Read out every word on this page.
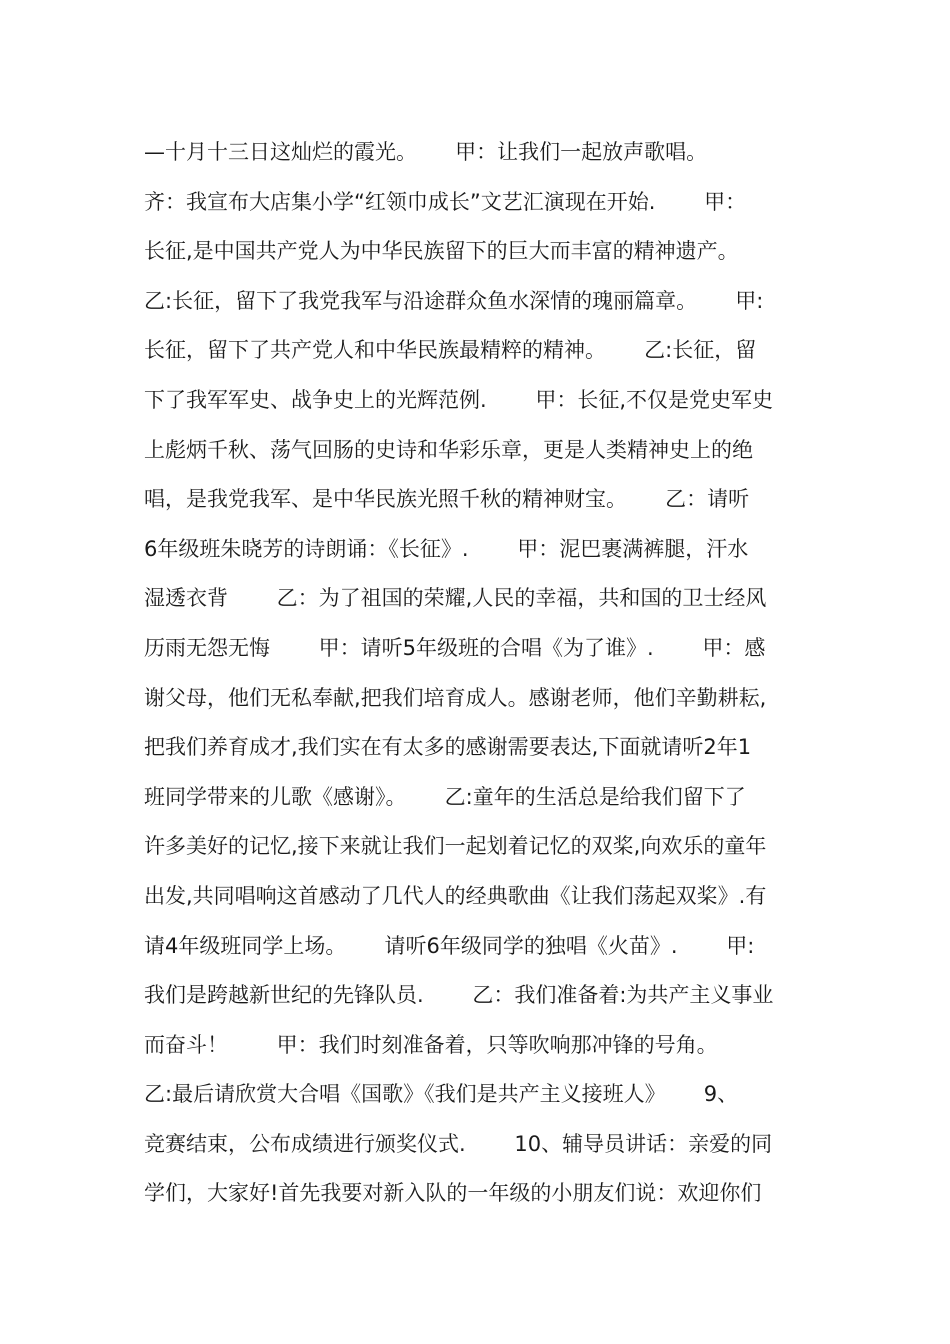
—十月十三日这灿烂的霞光。　　 甲：让我们一起放声歌唱。
齐：我宣布大店集小学“红领巾成长”文艺汇演现在开始.　　 甲：
长征,是中国共产党人为中华民族留下的巨大而丰富的精神遗产。
乙:长征，留下了我党我军与沿途群众鱼水深情的瑰丽篇章。　　 甲:
长征，留下了共产党人和中华民族最精粹的精神。　　 乙:长征，留
下了我军军史、战争史上的光辉范例.　　 甲：长征,不仅是党史军史
上彪炳千秋、荡气回肠的史诗和华彩乐章，更是人类精神史上的绝
唱，是我党我军、是中华民族光照千秋的精神财宝。　　 乙：请听
6年级班朱晓芳的诗朗诵：《长征》.　　 甲：泥巴裹满裤腿，汗水
湿透衣背　　 乙：为了祖国的荣耀,人民的幸福，共和国的卫士经风
历雨无怨无悔　　 甲：请听5年级班的合唱《为了谁》.　　 甲：感
谢父母，他们无私奉献,把我们培育成人。感谢老师，他们辛勤耕耘,
把我们养育成才,我们实在有太多的感谢需要表达,下面就请听2年1
班同学带来的儿歌《感谢》。　　 乙:童年的生活总是给我们留下了
许多美好的记忆,接下来就让我们一起划着记忆的双桨,向欢乐的童年
出发,共同唱响这首感动了几代人的经典歌曲《让我们荡起双桨》.有
请4年级班同学上场。　　 请听6年级同学的独唱《火苗》.　　 甲:
我们是跨越新世纪的先锋队员.　　 乙：我们准备着:为共产主义事业
而奋斗！　　 甲：我们时刻准备着，只等吹响那冲锋的号角。
乙:最后请欣赏大合唱《国歌》《我们是共产主义接班人》　　 9、
竞赛结束，公布成绩进行颁奖仪式.　　 10、辅导员讲话：亲爱的同
学们，大家好!首先我要对新入队的一年级的小朋友们说：欢迎你们
